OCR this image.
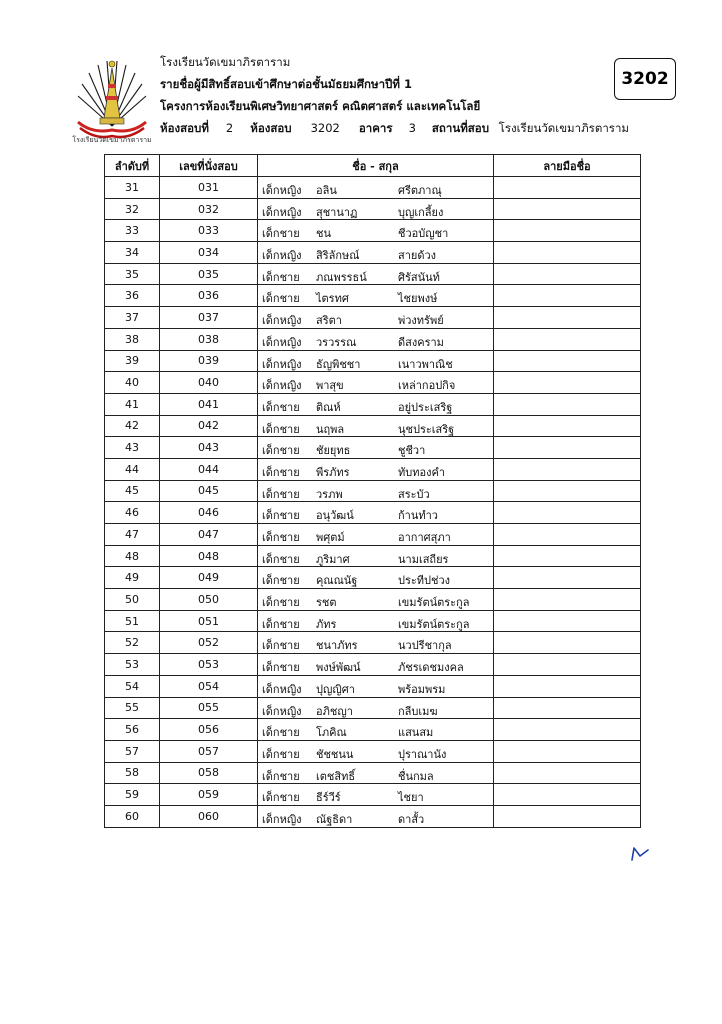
โรงเรียนวัดเขมาภิรตาราม
โรงเรียนวัดเขมาภิรตาราม
รายชื่อผู้มีสิทธิ์สอบเข้าศึกษาต่อชั้นมัธยมศึกษาปีที่ 1
โครงการห้องเรียนพิเศษวิทยาศาสตร์ คณิตศาสตร์ และเทคโนโลยี
ห้องสอบที่ 2 ห้องสอบ 3202 อาคาร 3 สถานที่สอบ โรงเรียนวัดเขมาภิรตาราม
3202
ลำดับที่	เลขที่นั่งสอบ	ชื่อ - สกุล	ลายมือชื่อ
31	031	เด็กหญิง อลิน ศรีตภาณุ	

32	032	เด็กหญิง สุชานาฏ บุญเกลี้ยง	

33	033	เด็กชาย ชน ชีวอบัญชา	

34	034	เด็กหญิง สิริลักษณ์ สายด้วง	

35	035	เด็กชาย ภณพรรธน์ ศิรัสนันท์	

36	036	เด็กชาย ไตรทศ ไชยพงษ์	

37	037	เด็กหญิง สริตา พ่วงทรัพย์	

38	038	เด็กหญิง วรวรรณ ดีสงคราม	

39	039	เด็กหญิง ธัญพิชชา เนาวพาณิช	

40	040	เด็กหญิง พาสุข เหล่ากอปกิจ	

41	041	เด็กชาย ติณห์ อยู่ประเสริฐ	

42	042	เด็กชาย นฤพล นุชประเสริฐ	

43	043	เด็กชาย ชัยยุทธ ชูชีวา	

44	044	เด็กชาย พีรภัทร ทับทองคำ	

45	045	เด็กชาย วรภพ สระบัว	

46	046	เด็กชาย อนุวัฒน์ ก้านทำว	

47	047	เด็กชาย พศุตม์ อากาศสุภา	

48	048	เด็กชาย ภูริมาศ นามเสถียร	

49	049	เด็กชาย คุณณนัฐ ประทีปช่วง	

50	050	เด็กชาย รชต เขมรัตน์ตระกูล	

51	051	เด็กชาย ภัทร เขมรัตน์ตระกูล	

52	052	เด็กชาย ชนาภัทร นวปรีชากุล	

53	053	เด็กชาย พงษ์พัฒน์ ภัชรเดชมงคล	

54	054	เด็กหญิง ปุญญิศา พร้อมพรม	

55	055	เด็กหญิง อภิชญา กลีบเมฆ	

56	056	เด็กชาย โภคิณ แสนสม	

57	057	เด็กชาย ชัชชนน ปุราณานัง	

58	058	เด็กชาย เตชสิทธิ์ ชื่นกมล	

59	059	เด็กชาย ธีร์วีร์ ไชยา	

60	060	เด็กหญิง ณัฐธิดา ดาสั้ว	
